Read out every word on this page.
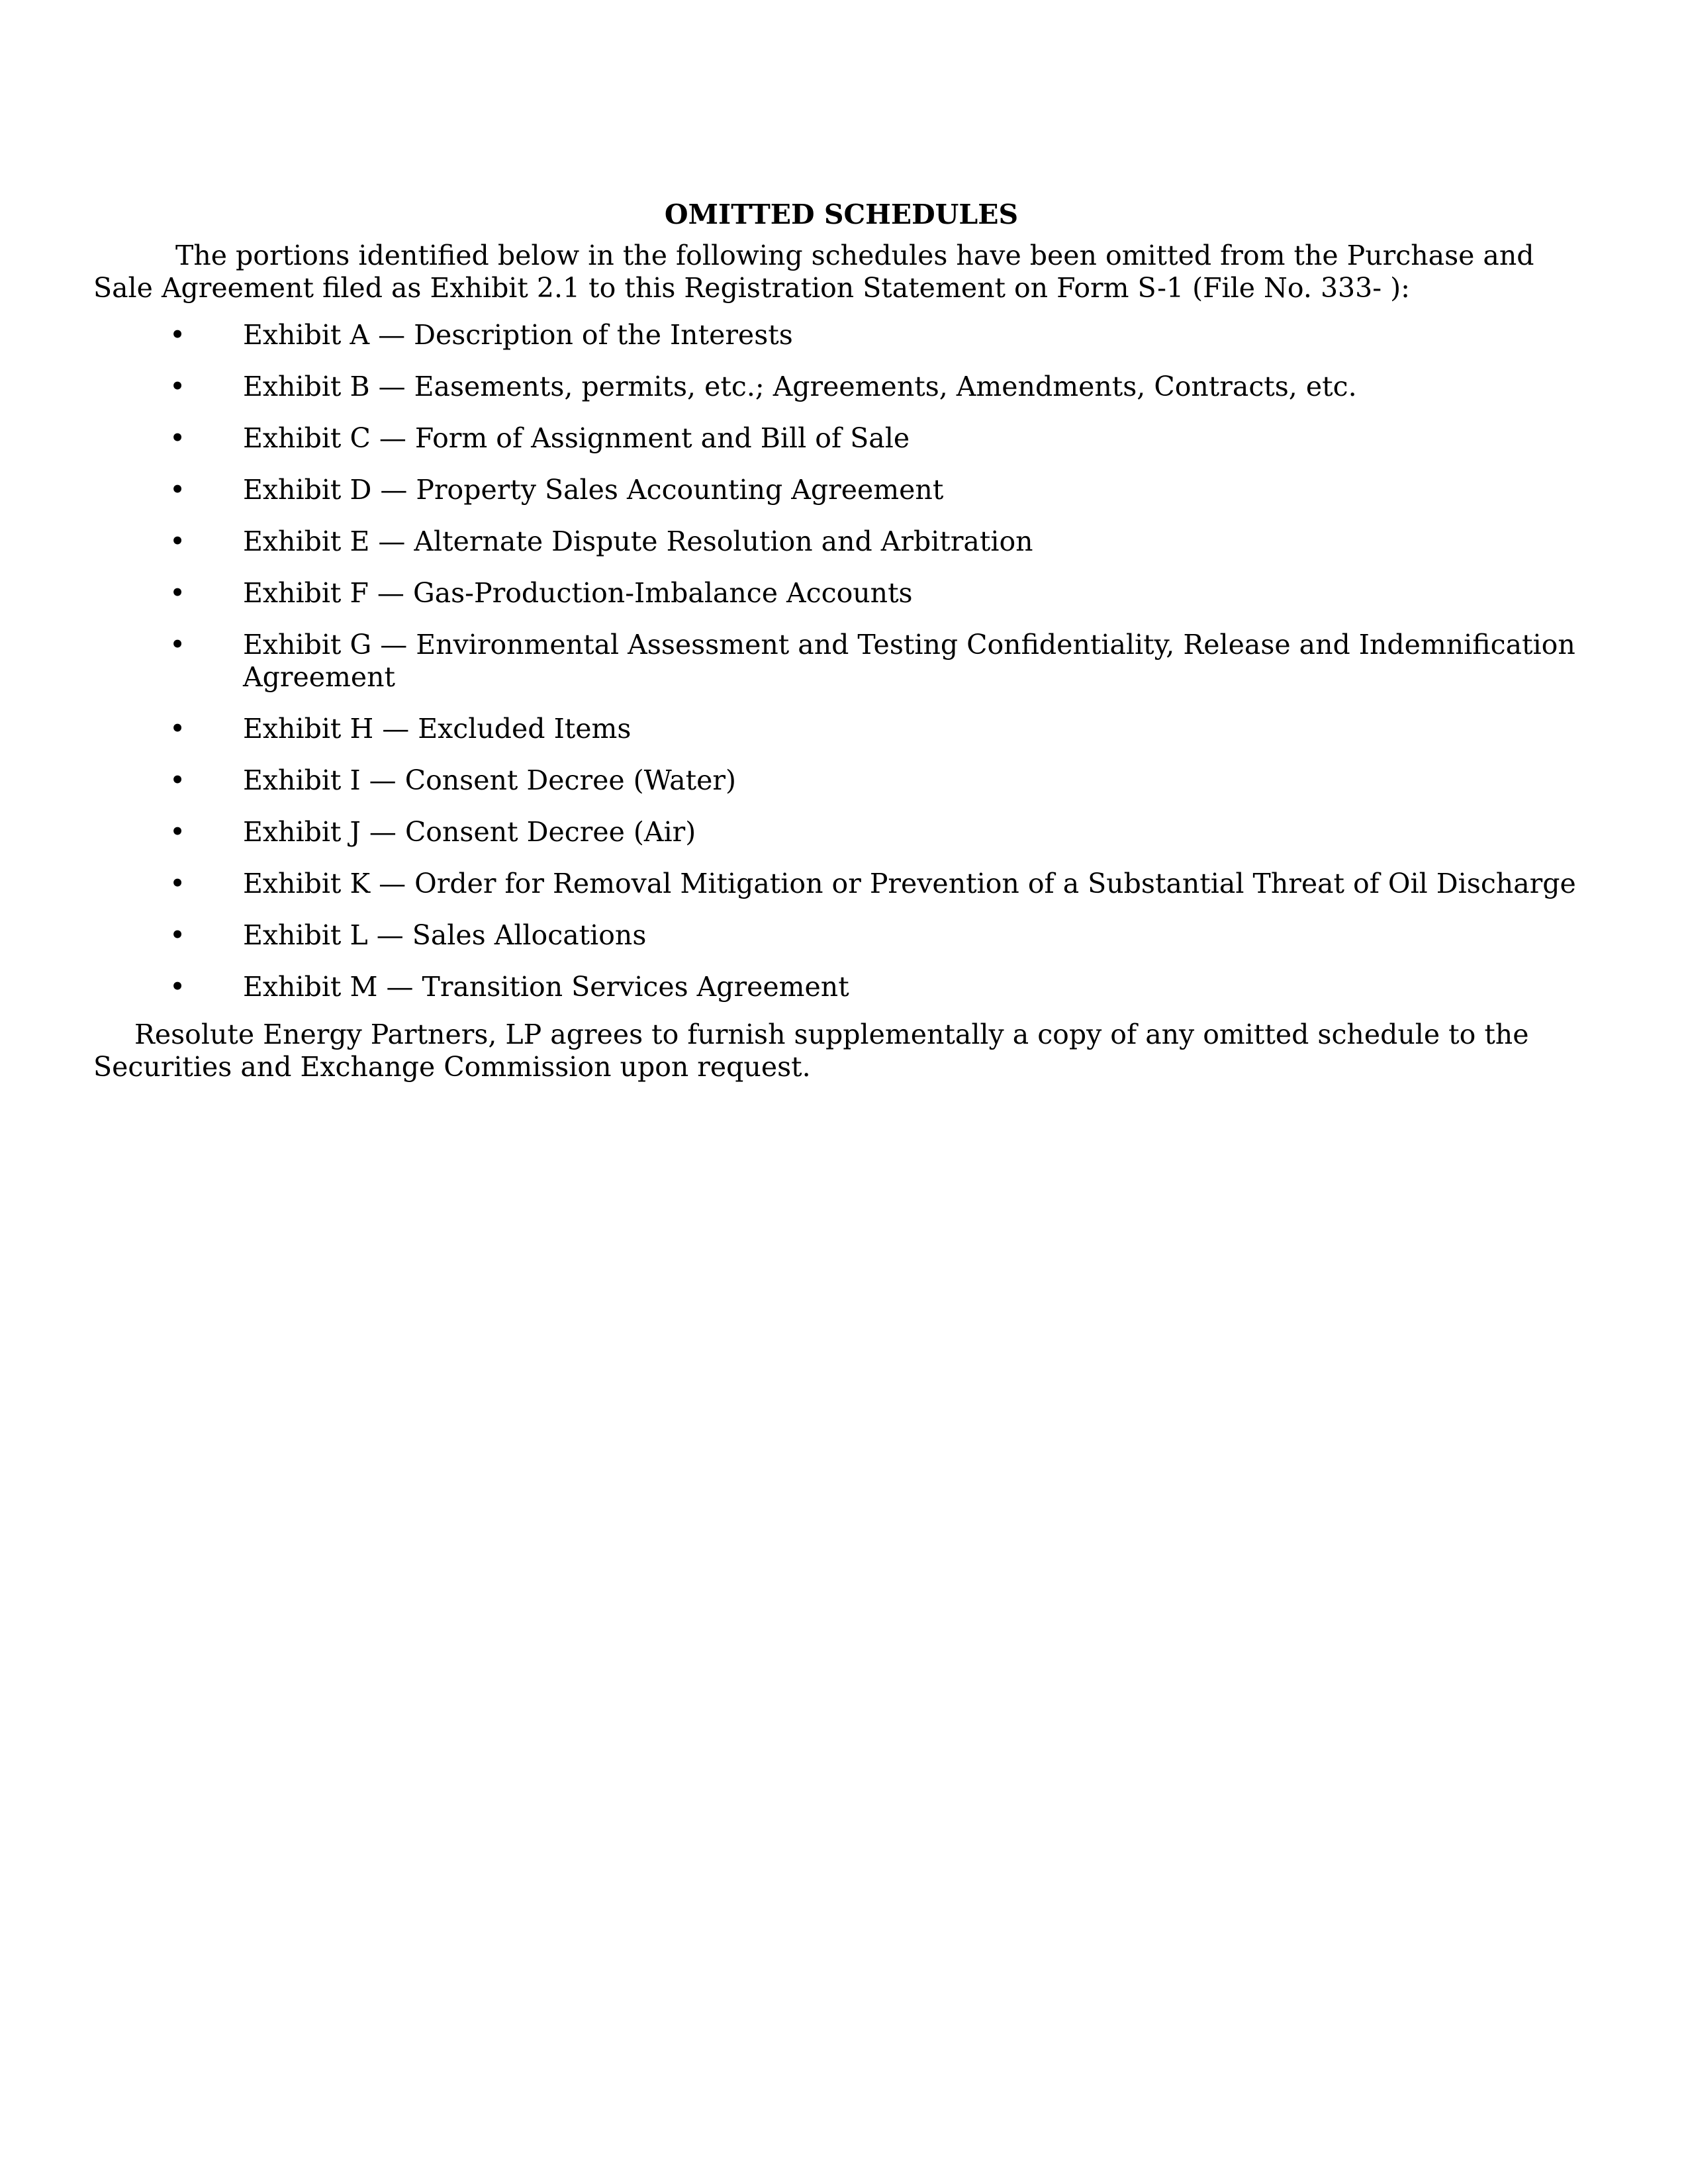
OMITTED SCHEDULES

The portions identified below in the following schedules have been omitted from the Purchase and Sale Agreement filed as Exhibit 2.1 to this Registration Statement on Form S-1 (File No. 333- ):

• Exhibit A — Description of the Interests
• Exhibit B — Easements, permits, etc.; Agreements, Amendments, Contracts, etc.
• Exhibit C — Form of Assignment and Bill of Sale
• Exhibit D — Property Sales Accounting Agreement
• Exhibit E — Alternate Dispute Resolution and Arbitration
• Exhibit F — Gas-Production-Imbalance Accounts
• Exhibit G — Environmental Assessment and Testing Confidentiality, Release and Indemnification Agreement
• Exhibit H — Excluded Items
• Exhibit I — Consent Decree (Water)
• Exhibit J — Consent Decree (Air)
• Exhibit K — Order for Removal Mitigation or Prevention of a Substantial Threat of Oil Discharge
• Exhibit L — Sales Allocations
• Exhibit M — Transition Services Agreement

Resolute Energy Partners, LP agrees to furnish supplementally a copy of any omitted schedule to the Securities and Exchange Commission upon request.
